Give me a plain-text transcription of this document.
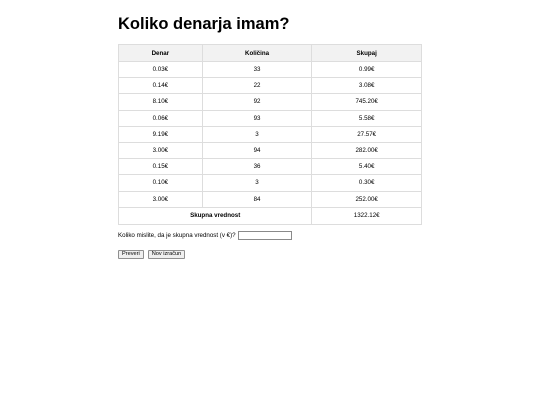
Koliko denarja imam?
Denar	Količina	Skupaj
0.03€	33	0.99€
0.14€	22	3.08€
8.10€	92	745.20€
0.06€	93	5.58€
9.19€	3	27.57€
3.00€	94	282.00€
0.15€	36	5.40€
0.10€	3	0.30€
3.00€	84	252.00€
Skupna vrednost		1322.12€
Koliko mislite, da je skupna vrednost (v €)?
Preveri	Nov izračun
